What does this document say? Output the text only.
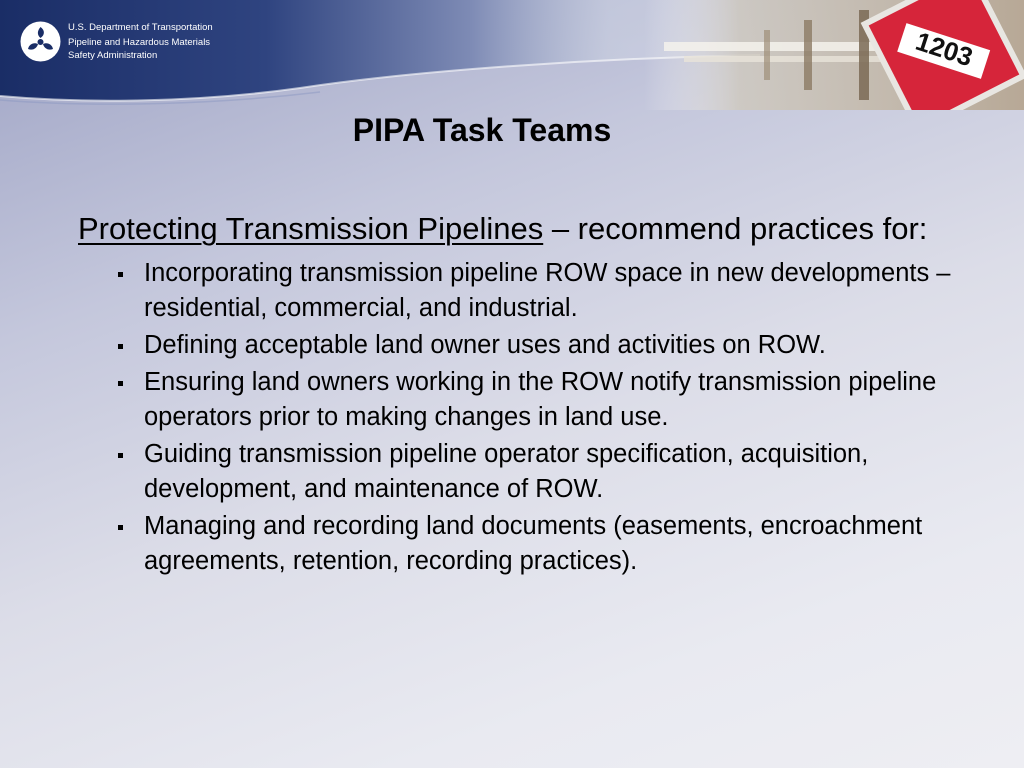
1203
U.S. Department of Transportation
Pipeline and Hazardous Materials
Safety Administration
PIPA Task Teams

Protecting Transmission Pipelines – recommend practices for:

Incorporating transmission pipeline ROW space in new developments – residential, commercial, and industrial.
Defining acceptable land owner uses and activities on ROW.
Ensuring land owners working in the ROW notify transmission pipeline operators prior to making changes in land use.
Guiding transmission pipeline operator specification, acquisition, development, and maintenance of ROW.
Managing and recording land documents (easements, encroachment agreements, retention, recording practices).
